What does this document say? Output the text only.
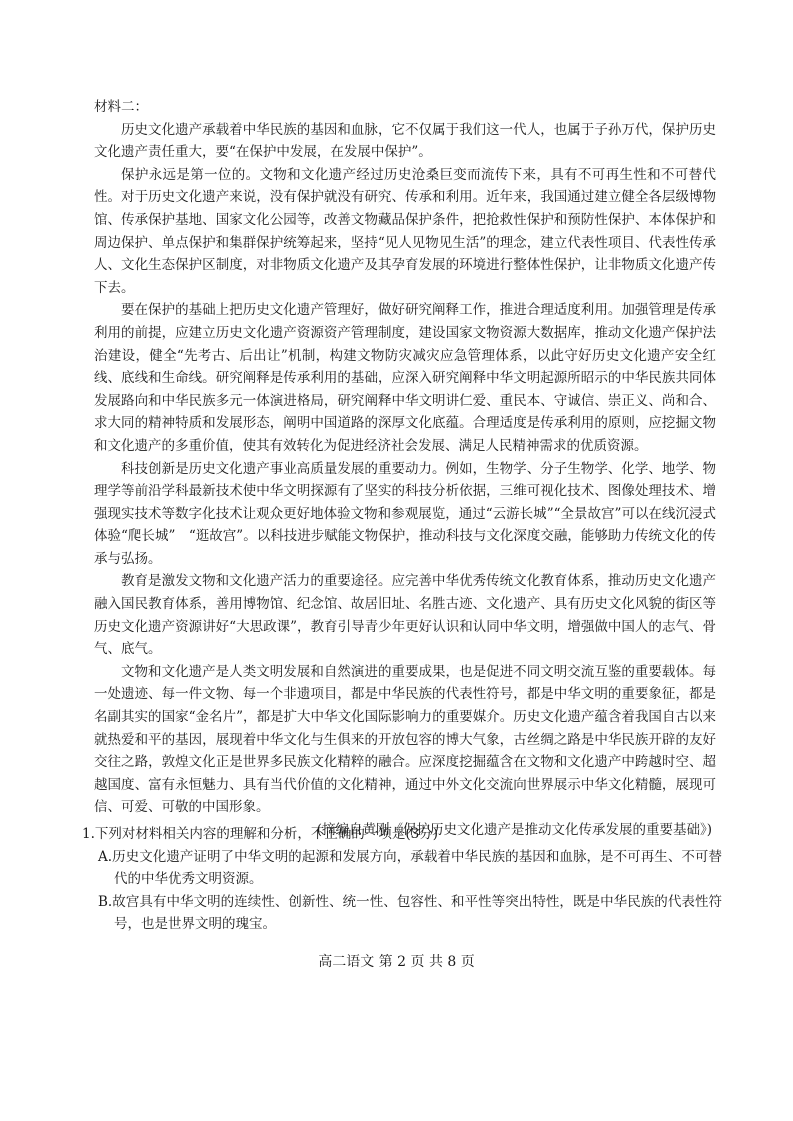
材料二：

历史文化遗产承载着中华民族的基因和血脉，它不仅属于我们这一代人，也属于子孙万代，保护历史文化遗产责任重大，要“在保护中发展，在发展中保护”。

保护永远是第一位的。文物和文化遗产经过历史沧桑巨变而流传下来，具有不可再生性和不可替代性。对于历史文化遗产来说，没有保护就没有研究、传承和利用。近年来，我国通过建立健全各层级博物馆、传承保护基地、国家文化公园等，改善文物藏品保护条件，把抢救性保护和预防性保护、本体保护和周边保护、单点保护和集群保护统筹起来，坚持“见人见物见生活”的理念，建立代表性项目、代表性传承人、文化生态保护区制度，对非物质文化遗产及其孕育发展的环境进行整体性保护，让非物质文化遗产传下去。

要在保护的基础上把历史文化遗产管理好，做好研究阐释工作，推进合理适度利用。加强管理是传承利用的前提，应建立历史文化遗产资源资产管理制度，建设国家文物资源大数据库，推动文化遗产保护法治建设，健全“先考古、后出让”机制，构建文物防灾减灾应急管理体系，以此守好历史文化遗产安全红线、底线和生命线。研究阐释是传承利用的基础，应深入研究阐释中华文明起源所昭示的中华民族共同体发展路向和中华民族多元一体演进格局，研究阐释中华文明讲仁爱、重民本、守诚信、崇正义、尚和合、求大同的精神特质和发展形态，阐明中国道路的深厚文化底蕴。合理适度是传承利用的原则，应挖掘文物和文化遗产的多重价值，使其有效转化为促进经济社会发展、满足人民精神需求的优质资源。

科技创新是历史文化遗产事业高质量发展的重要动力。例如，生物学、分子生物学、化学、地学、物理学等前沿学科最新技术使中华文明探源有了坚实的科技分析依据，三维可视化技术、图像处理技术、增强现实技术等数字化技术让观众更好地体验文物和参观展览，通过“云游长城”“全景故宫”可以在线沉浸式体验“爬长城”　“逛故宫”。以科技进步赋能文物保护，推动科技与文化深度交融，能够助力传统文化的传承与弘扬。

教育是激发文物和文化遗产活力的重要途径。应完善中华优秀传统文化教育体系，推动历史文化遗产融入国民教育体系，善用博物馆、纪念馆、故居旧址、名胜古迹、文化遗产、具有历史文化风貌的街区等历史文化遗产资源讲好“大思政课”，教育引导青少年更好认识和认同中华文明，增强做中国人的志气、骨气、底气。

文物和文化遗产是人类文明发展和自然演进的重要成果，也是促进不同文明交流互鉴的重要载体。每一处遗迹、每一件文物、每一个非遗项目，都是中华民族的代表性符号，都是中华文明的重要象征，都是名副其实的国家“金名片”，都是扩大中华文化国际影响力的重要媒介。历史文化遗产蕴含着我国自古以来就热爱和平的基因，展现着中华文化与生俱来的开放包容的博大气象，古丝绸之路是中华民族开辟的友好交往之路，敦煌文化正是世界多民族文化精粹的融合。应深度挖掘蕴含在文物和文化遗产中跨越时空、超越国度、富有永恒魅力、具有当代价值的文化精神，通过中外文化交流向世界展示中华文化精髓，展现可信、可爱、可敬的中国形象。

(摘编自黄刚《保护历史文化遗产是推动文化传承发展的重要基础》)

1.下列对材料相关内容的理解和分析，不正确的一项是(3分)

A.历史文化遗产证明了中华文明的起源和发展方向，承载着中华民族的基因和血脉，是不可再生、不可替代的中华优秀文明资源。

B.故宫具有中华文明的连续性、创新性、统一性、包容性、和平性等突出特性，既是中华民族的代表性符号，也是世界文明的瑰宝。

高二语文 第 2 页 共 8 页
